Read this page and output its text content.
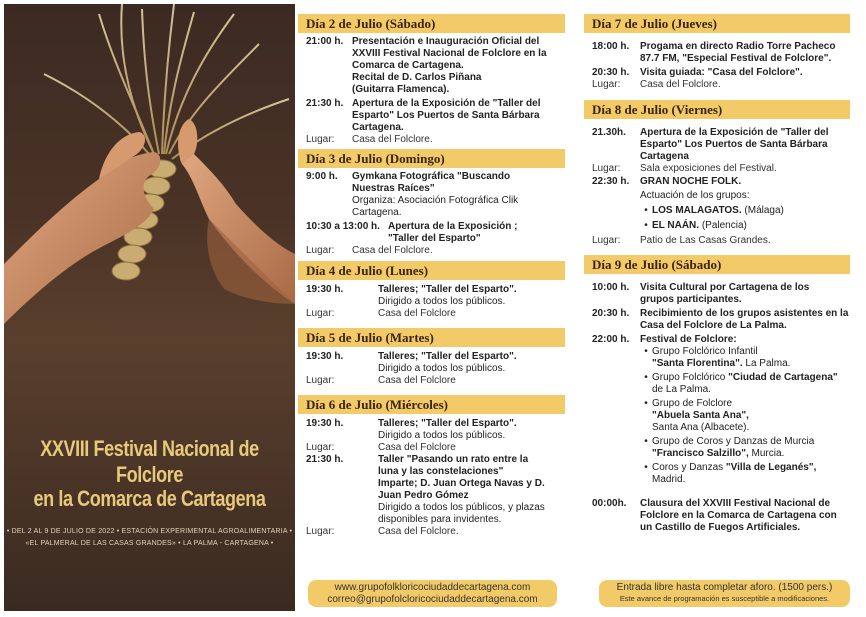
XXVIII Festival Nacional de Folclore
en la Comarca de Cartagena
• DEL 2 AL 9 DE JULIO DE 2022 • ESTACIÓN EXPERIMENTAL AGROALIMENTARIA •
«EL PALMERAL DE LAS CASAS GRANDES» • LA PALMA - CARTAGENA •
Día 2 de Julio (Sábado)
21:00 h. Presentación e Inauguración Oficial del XXVIII Festival Nacional de Folclore en la Comarca de Cartagena.
Recital de D. Carlos Piñana (Guitarra Flamenca).
21:30 h. Apertura de la Exposición de "Taller del Esparto" Los Puertos de Santa Bárbara Cartagena.
Lugar:	Casa del Folclore.
Día 3 de Julio (Domingo)
9:00 h.	Gymkana Fotográfica "Buscando Nuestras Raíces"
Organiza: Asociación Fotográfica Clik Cartagena.
10:30 a 13:00 h. Apertura de la Exposición ; "Taller del Esparto"
Lugar:	Casa del Folclore.
Día 4 de Julio (Lunes)
19:30 h.	Talleres; "Taller del Esparto".
Dirigido a todos los públicos.
Lugar:	Casa del Folclore
Día 5 de Julio (Martes)
19:30 h.	Talleres; "Taller del Esparto".
Dirigido a todos los públicos.
Lugar:	Casa del Folclore
Día 6 de Julio (Miércoles)
19:30 h.	Talleres; "Taller del Esparto".
Dirigido a todos los públicos.
Lugar:	Casa del Folclore
21:30 h.	Taller "Pasando un rato entre la luna y las constelaciones"
Imparte; D. Juan Ortega Navas y D. Juan Pedro Gómez
Dirigido a todos los públicos, y plazas disponibles para invidentes.
Lugar:	Casa del Folclore.
Día 7 de Julio (Jueves)
18:00 h.	Progama en directo Radio Torre Pacheco 87.7 FM, "Especial Festival de Folclore".
20:30 h.	Visita guiada: "Casa del Folclore".
Lugar:	Casa del Folclore.
Día 8 de Julio (Viernes)
21.30h.	Apertura de la Exposición de "Taller del Esparto" Los Puertos de Santa Bárbara Cartagena
Lugar:	Sala exposiciones del Festival.
22:30 h.	GRAN NOCHE FOLK.
Actuación de los grupos:
• LOS MALAGATOS. (Málaga)
• EL NAÁN. (Palencia)
Lugar:	Patio de Las Casas Grandes.
Día 9 de Julio (Sábado)
10:00 h.	Visita Cultural por Cartagena de los grupos participantes.
20:30 h.	Recibimiento de los grupos asistentes en la Casa del Folclore de La Palma.
22:00 h.	Festival de Folclore:
• Grupo Folclórico Infantil
"Santa Florentina". La Palma.
• Grupo Folclórico "Ciudad de Cartagena" de La Palma.
• Grupo de Folclore
"Abuela Santa Ana",
Santa Ana (Albacete).
• Grupo de Coros y Danzas de Murcia
"Francisco Salzillo", Murcia.
• Coros y Danzas "Villa de Leganés",
Madrid.
00:00h.	Clausura del XXVIII Festival Nacional de Folclore en la Comarca de Cartagena con un Castillo de Fuegos Artificiales.
www.grupofolkloricociudaddecartagena.com
correo@grupofolcloricociudaddecartagena.com
Entrada libre hasta completar aforo. (1500 pers.)
Este avance de programación es susceptible a modificaciones.
